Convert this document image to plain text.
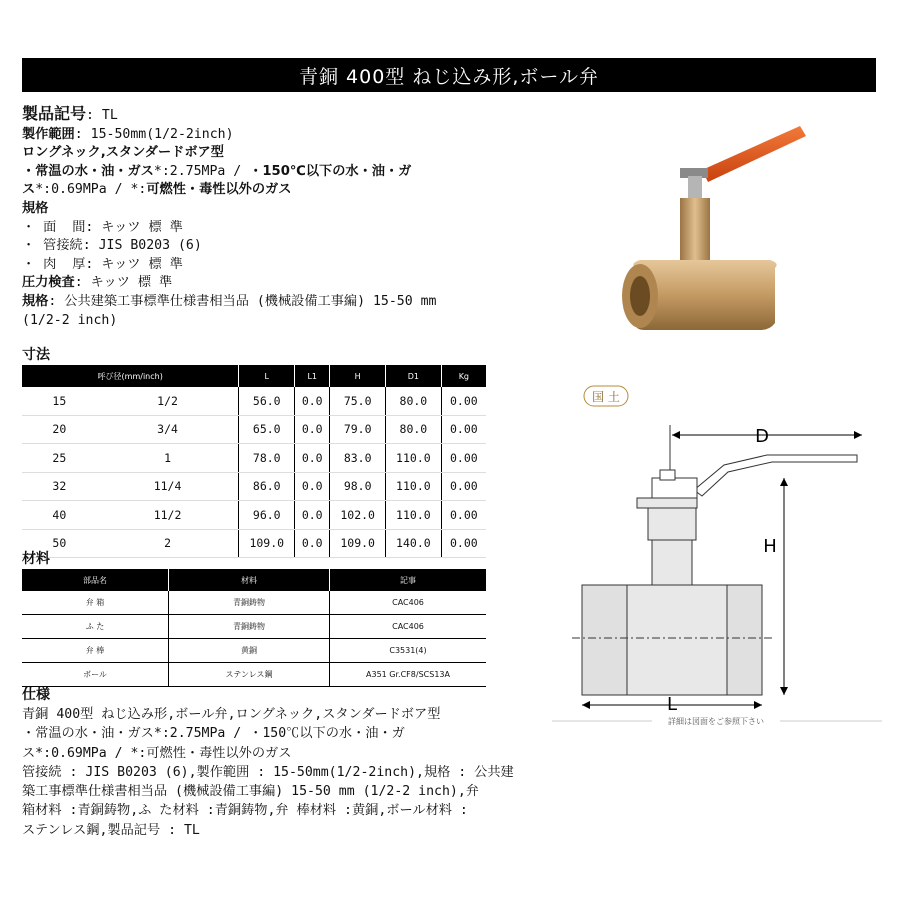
青銅 400型 ねじ込み形,ボール弁
製品記号: TL
製作範囲: 15-50mm(1/2-2inch)
ロングネック,スタンダードボア型
・常温の水・油・ガス*:2.75MPa / ・150℃以下の水・油・ガ
ス*:0.69MPa / *:可燃性・毒性以外のガス
規格
・ 面  間: キッツ 標 準
・ 管接続: JIS B0203 (6)
・ 肉  厚: キッツ 標 準
圧力検査: キッツ 標 準
規格: 公共建築工事標準仕様書相当品 (機械設備工事編) 15-50 mm
(1/2-2 inch)
寸法
呼び径(mm/inch)		L	L1	H	D1	Kg
15	1/2	56.0	0.0	75.0	80.0	0.00
20	3/4	65.0	0.0	79.0	80.0	0.00
25	1	78.0	0.0	83.0	110.0	0.00
32	11/4	86.0	0.0	98.0	110.0	0.00
40	11/2	96.0	0.0	102.0	110.0	0.00
50	2	109.0	0.0	109.0	140.0	0.00
材料
部品名	材料	記事
弁 箱	青銅鋳物	CAC406
ふ た	青銅鋳物	CAC406
弁 棒	黄銅	C3531(4)
ボール	ステンレス鋼	A351 Gr.CF8/SCS13A
仕様
青銅 400型 ねじ込み形,ボール弁,ロングネック,スタンダードボア型
・常温の水・油・ガス*:2.75MPa / ・150℃以下の水・油・ガ
ス*:0.69MPa / *:可燃性・毒性以外のガス
管接続 : JIS B0203 (6),製作範囲 : 15-50mm(1/2-2inch),規格 : 公共建
築工事標準仕様書相当品 (機械設備工事編) 15-50 mm (1/2-2 inch),弁
箱材料 :青銅鋳物,ふ た材料 :青銅鋳物,弁 棒材料 :黄銅,ボール材料 :
ステンレス鋼,製品記号 : TL
国 土
D
H
L
詳細は図面をご参照下さい
